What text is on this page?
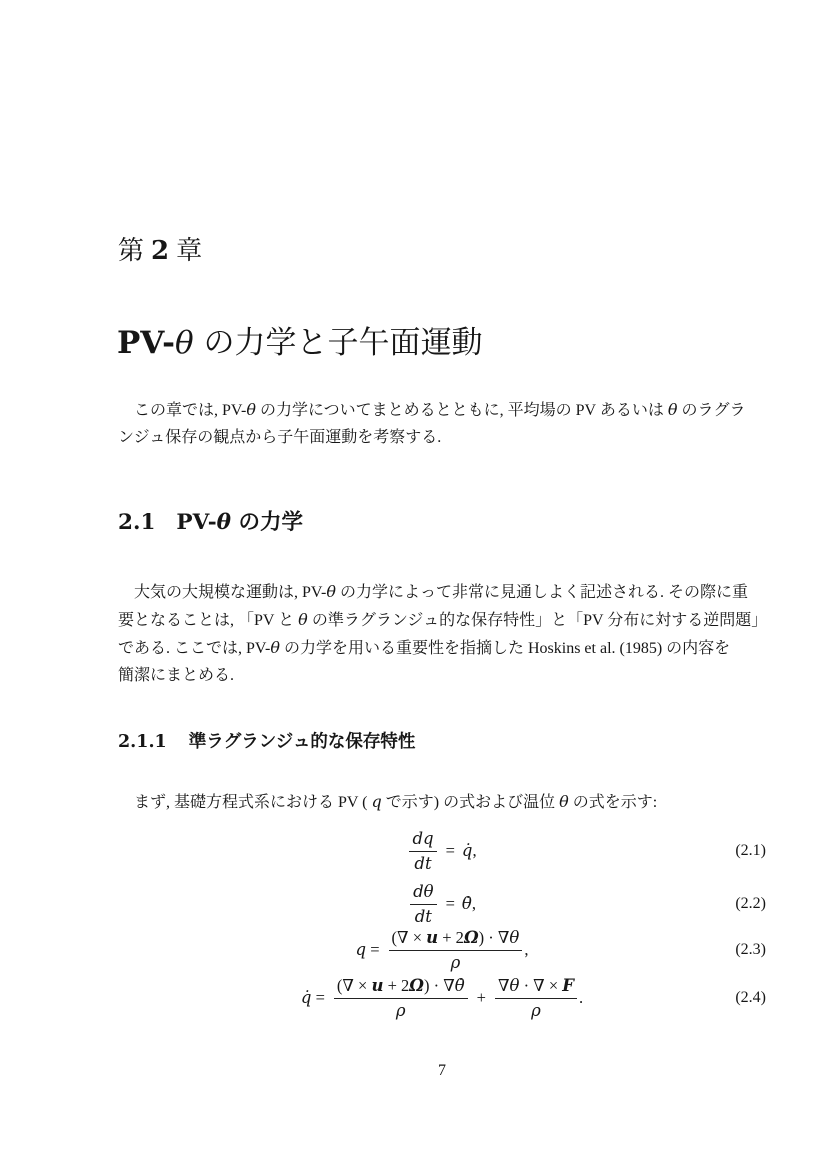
第 2 章
PV-θ の力学と子午面運動
この章では, PV-θ の力学についてまとめるとともに, 平均場の PV あるいは θ のラグラ
ンジュ保存の観点から子午面運動を考察する.
2.1 PV-θ の力学
大気の大規模な運動は, PV-θ の力学によって非常に見通しよく記述される. その際に重
要となることは, 「PV と θ の準ラグランジュ的な保存特性」と「PV 分布に対する逆問題」
である. ここでは, PV-θ の力学を用いる重要性を指摘した Hoskins et al. (1985) の内容を
簡潔にまとめる.
2.1.1 準ラグランジュ的な保存特性
まず, 基礎方程式系における PV ( q で示す) の式および温位 θ の式を示す:
$\frac{dq}{dt}$ = q̇,	(2.1)
$\frac{d\theta}{dt}$ = θ̇,	(2.2)
$q = \frac{(\nabla \times u + 2\Omega) \cdot \nabla\theta}{\rho}$ ,	(2.3)
q̇ = $\frac{(\nabla \times u + 2\Omega) \cdot \nabla\thetȧ}{\rho} + \frac{\nabla\theta \cdot \nabla \times F}{\rho}$ .	(2.4)
7
